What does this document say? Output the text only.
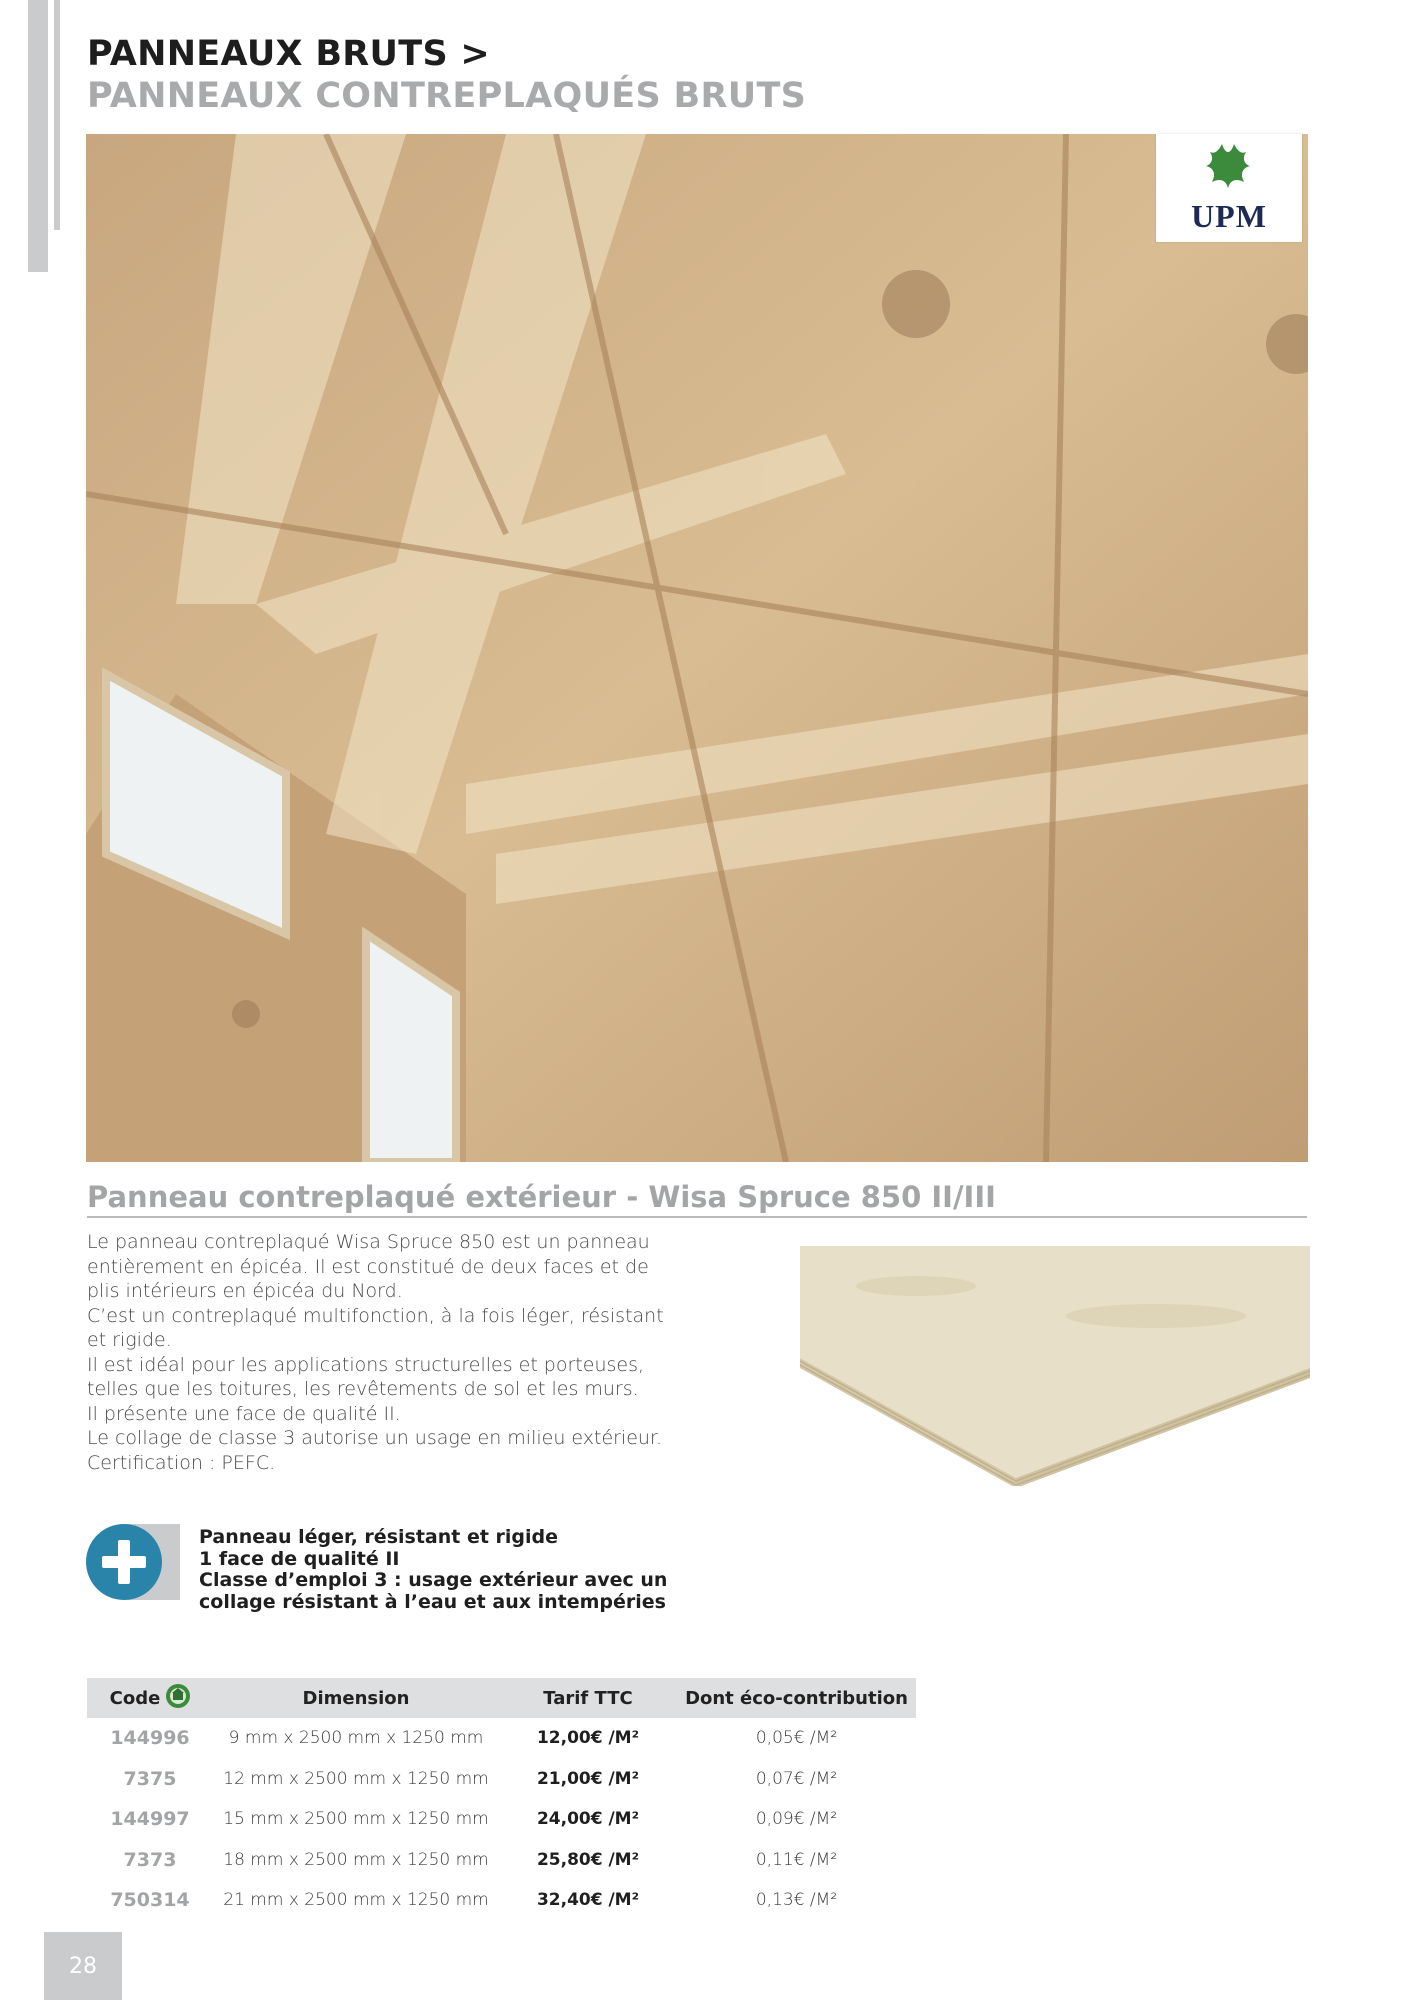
PANNEAUX BRUTS >
PANNEAUX CONTREPLAQUÉS BRUTS
UPM
Panneau contreplaqué extérieur - Wisa Spruce 850 II/III

Le panneau contreplaqué Wisa Spruce 850 est un panneau entièrement en épicéa. Il est constitué de deux faces et de plis intérieurs en épicéa du Nord.

C’est un contreplaqué multifonction, à la fois léger, résistant et rigide.

Il est idéal pour les applications structurelles et porteuses, telles que les toitures, les revêtements de sol et les murs.

Il présente une face de qualité II.

Le collage de classe 3 autorise un usage en milieu extérieur.

Certification : PEFC.

Panneau léger, résistant et rigide
1 face de qualité II
Classe d’emploi 3 : usage extérieur avec un
collage résistant à l’eau et aux intempéries
Code	Dimension	Tarif TTC	Dont éco-contribution
144996	9 mm x 2500 mm x 1250 mm	12,00€ /M²	0,05€ /M²
7375	12 mm x 2500 mm x 1250 mm	21,00€ /M²	0,07€ /M²
144997	15 mm x 2500 mm x 1250 mm	24,00€ /M²	0,09€ /M²
7373	18 mm x 2500 mm x 1250 mm	25,80€ /M²	0,11€ /M²
750314	21 mm x 2500 mm x 1250 mm	32,40€ /M²	0,13€ /M²
28
